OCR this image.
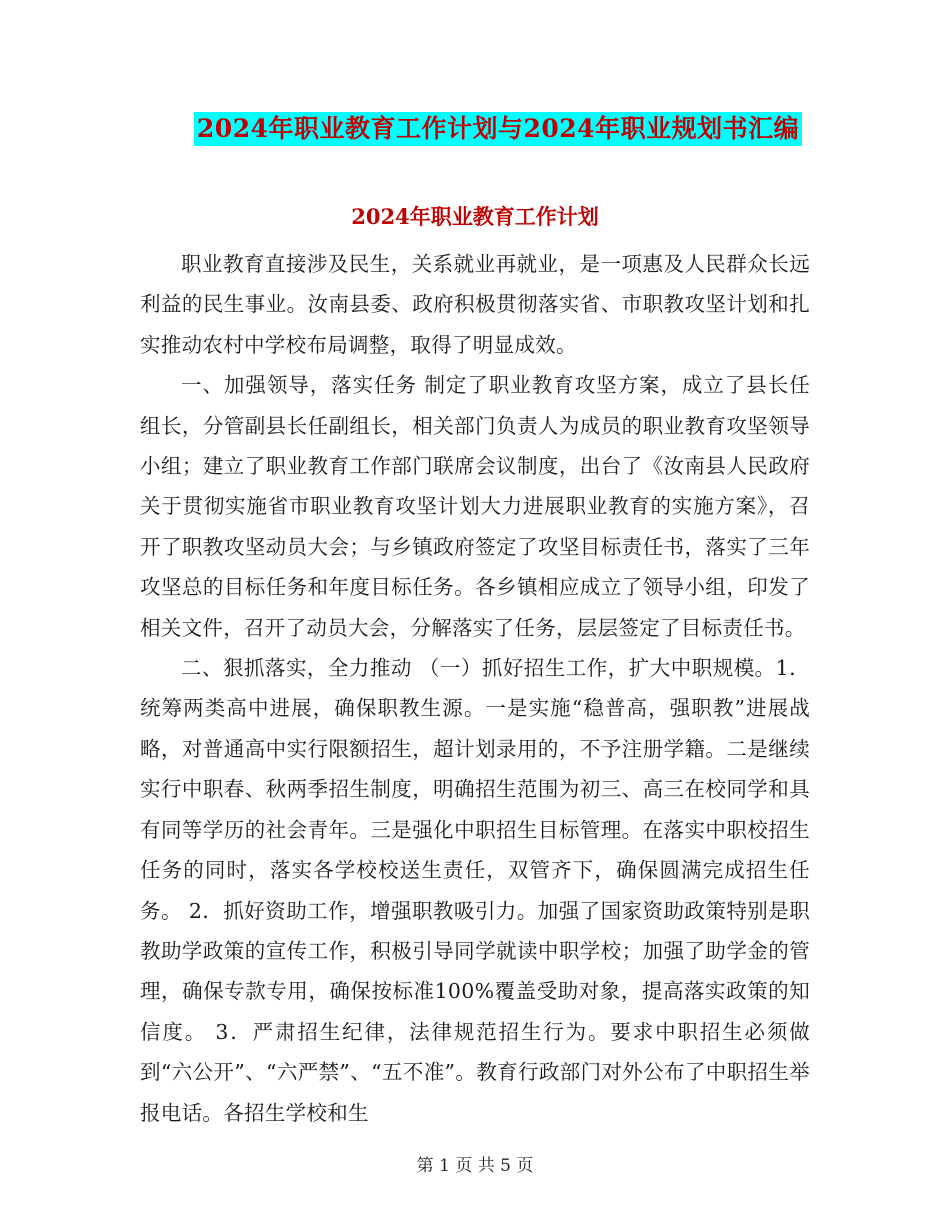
2024年职业教育工作计划与2024年职业规划书汇编
2024年职业教育工作计划

职业教育直接涉及民生，关系就业再就业，是一项惠及人民群众长远利益的民生事业。汝南县委、政府积极贯彻落实省、市职教攻坚计划和扎实推动农村中学校布局调整，取得了明显成效。

一、加强领导，落实任务 制定了职业教育攻坚方案，成立了县长任组长，分管副县长任副组长，相关部门负责人为成员的职业教育攻坚领导小组；建立了职业教育工作部门联席会议制度，出台了《汝南县人民政府关于贯彻实施省市职业教育攻坚计划大力进展职业教育的实施方案》，召开了职教攻坚动员大会；与乡镇政府签定了攻坚目标责任书，落实了三年攻坚总的目标任务和年度目标任务。各乡镇相应成立了领导小组，印发了相关文件，召开了动员大会，分解落实了任务，层层签定了目标责任书。

二、狠抓落实，全力推动 （一）抓好招生工作，扩大中职规模。1．统筹两类高中进展，确保职教生源。一是实施“稳普高，强职教”进展战略，对普通高中实行限额招生，超计划录用的，不予注册学籍。二是继续实行中职春、秋两季招生制度，明确招生范围为初三、高三在校同学和具有同等学历的社会青年。三是强化中职招生目标管理。在落实中职校招生任务的同时，落实各学校校送生责任，双管齐下，确保圆满完成招生任务。 2．抓好资助工作，增强职教吸引力。加强了国家资助政策特别是职教助学政策的宣传工作，积极引导同学就读中职学校；加强了助学金的管理，确保专款专用，确保按标准100%覆盖受助对象，提高落实政策的知信度。 3．严肃招生纪律，法律规范招生行为。要求中职招生必须做到“六公开”、“六严禁”、“五不准”。教育行政部门对外公布了中职招生举报电话。各招生学校和生

第 1 页 共 5 页
